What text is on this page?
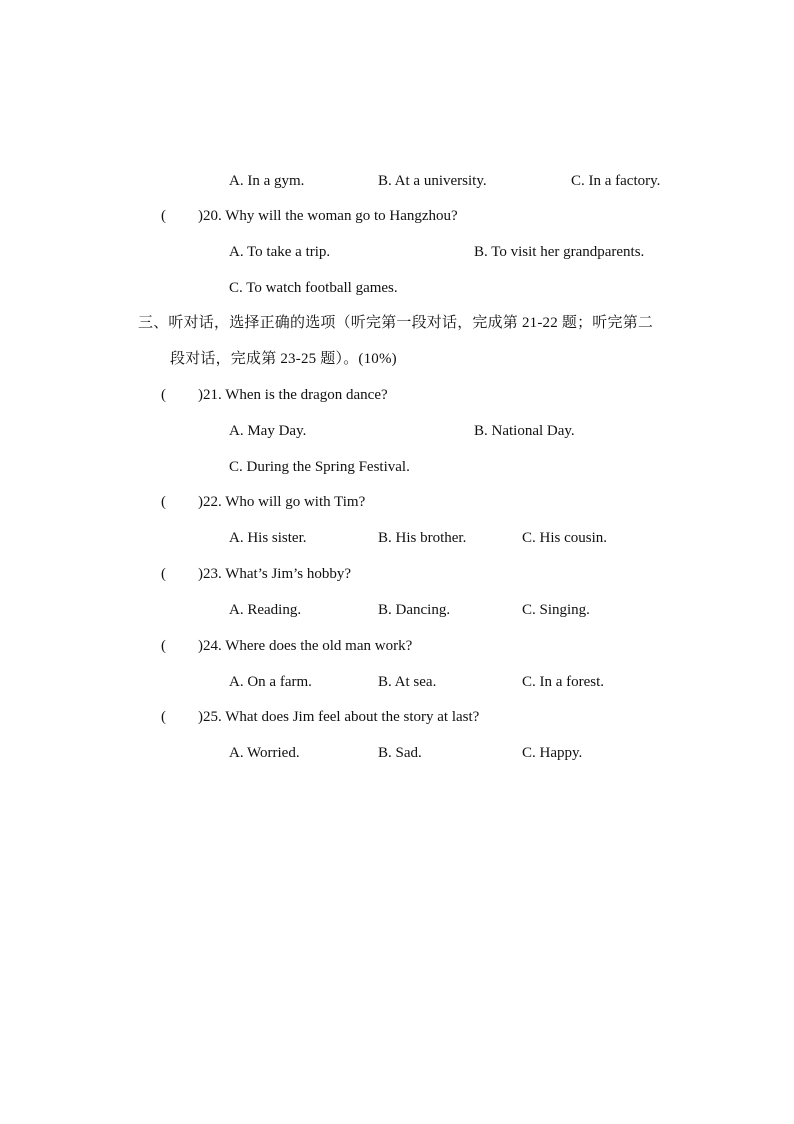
A. In a gym.	B. At a university.	C. In a factory.
( )20. Why will the woman go to Hangzhou?
A. To take a trip.	B. To visit her grandparents.
C. To watch football games.
三、听对话，选择正确的选项（听完第一段对话，完成第 21-22 题；听完第二
段对话，完成第 23-25 题）。(10%)
( )21. When is the dragon dance?
A. May Day.	B. National Day.
C. During the Spring Festival.
( )22. Who will go with Tim?
A. His sister.	B. His brother.	C. His cousin.
( )23. What’s Jim’s hobby?
A. Reading.	B. Dancing.	C. Singing.
( )24. Where does the old man work?
A. On a farm.	B. At sea.	C. In a forest.
( )25. What does Jim feel about the story at last?
A. Worried.	B. Sad.	C. Happy.
